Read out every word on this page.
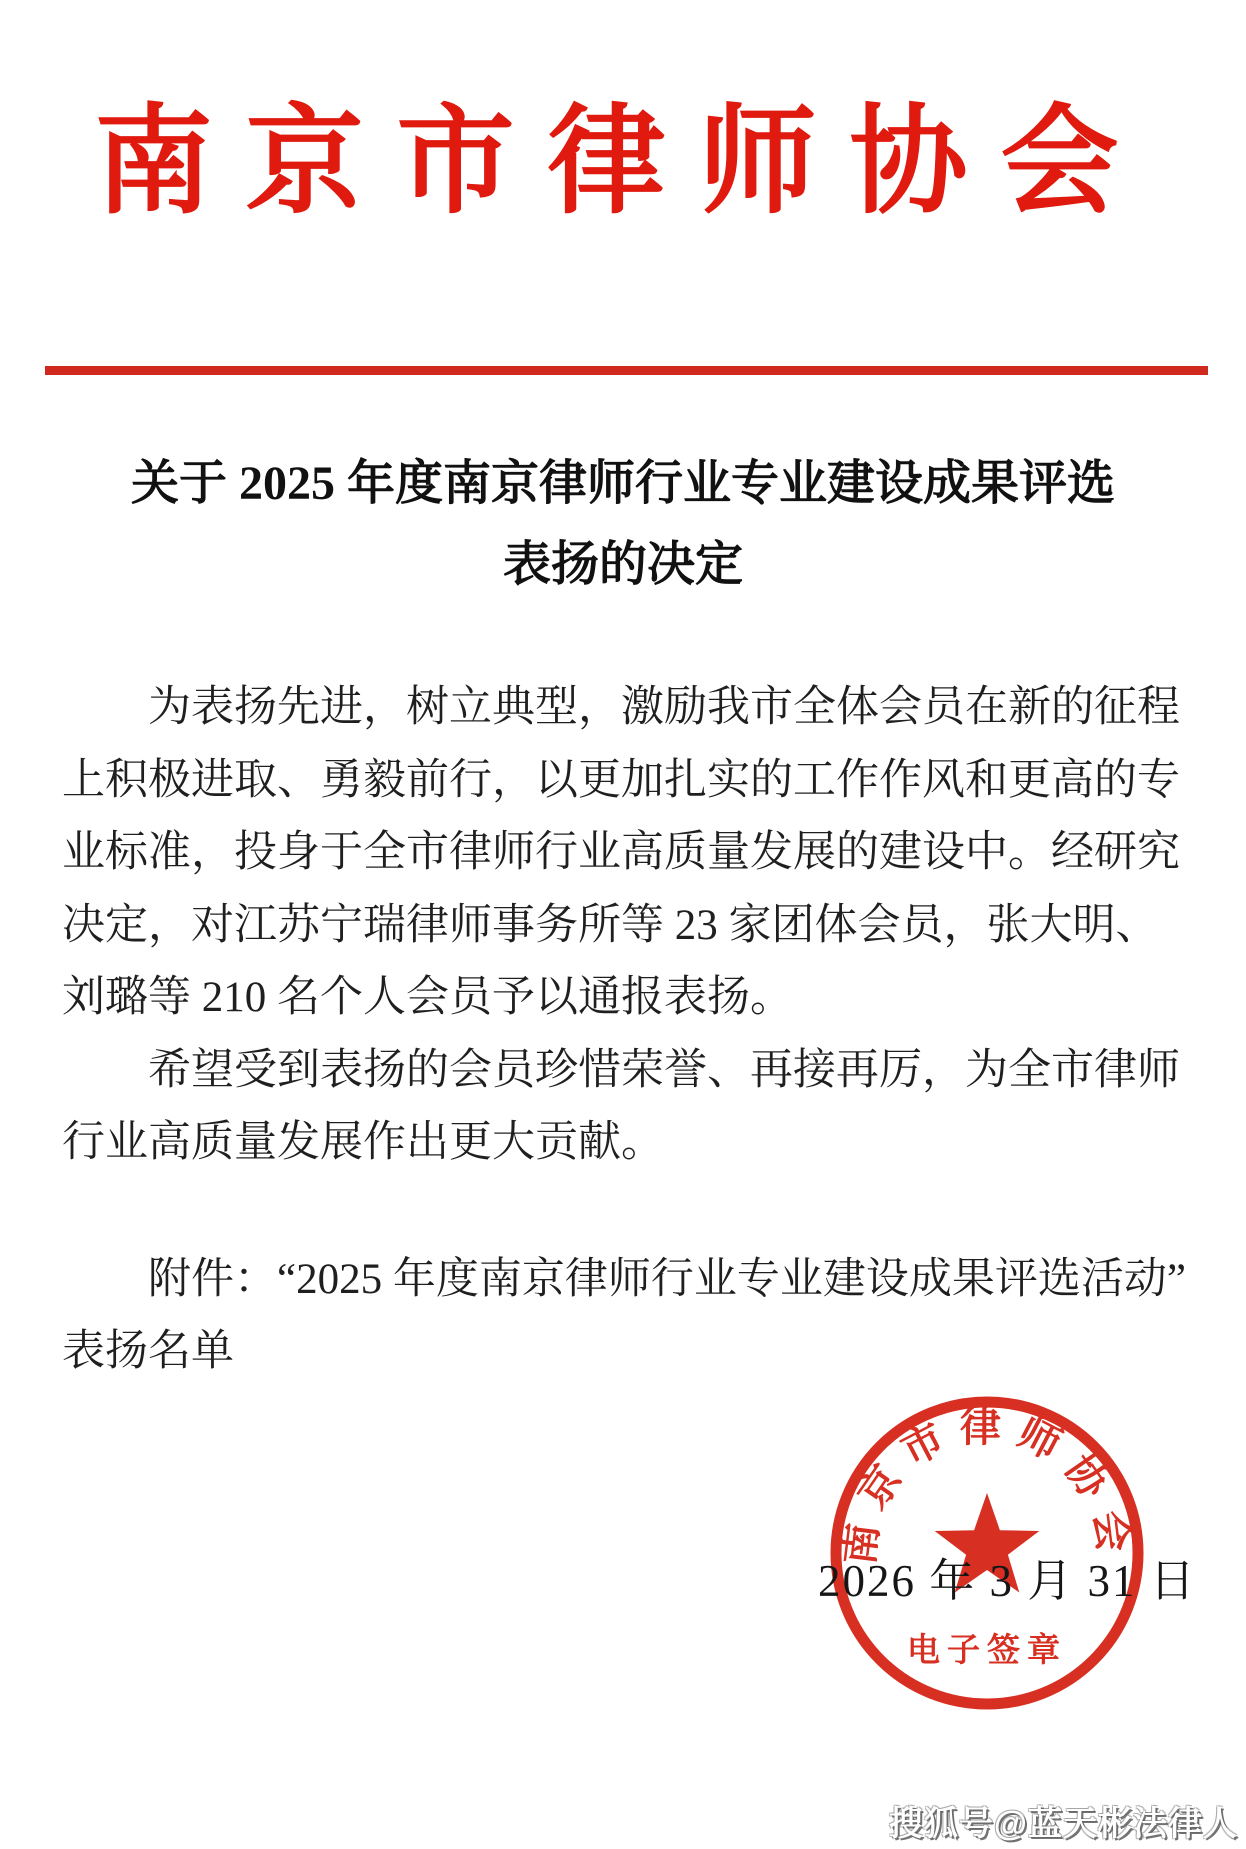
南京市律师协会
关于 2025 年度南京律师行业专业建设成果评选
表扬的决定
为表扬先进，树立典型，激励我市全体会员在新的征程
上积极进取、勇毅前行，以更加扎实的工作作风和更高的专
业标准，投身于全市律师行业高质量发展的建设中。经研究
决定，对江苏宁瑞律师事务所等 23 家团体会员，张大明、
刘璐等 210 名个人会员予以通报表扬。
希望受到表扬的会员珍惜荣誉、再接再厉，为全市律师
行业高质量发展作出更大贡献。
附件：“2025 年度南京律师行业专业建设成果评选活动”
表扬名单
2026 年 3 月 31 日
南京市律师协会
电子签章
搜狐号@蓝天彬法律人
